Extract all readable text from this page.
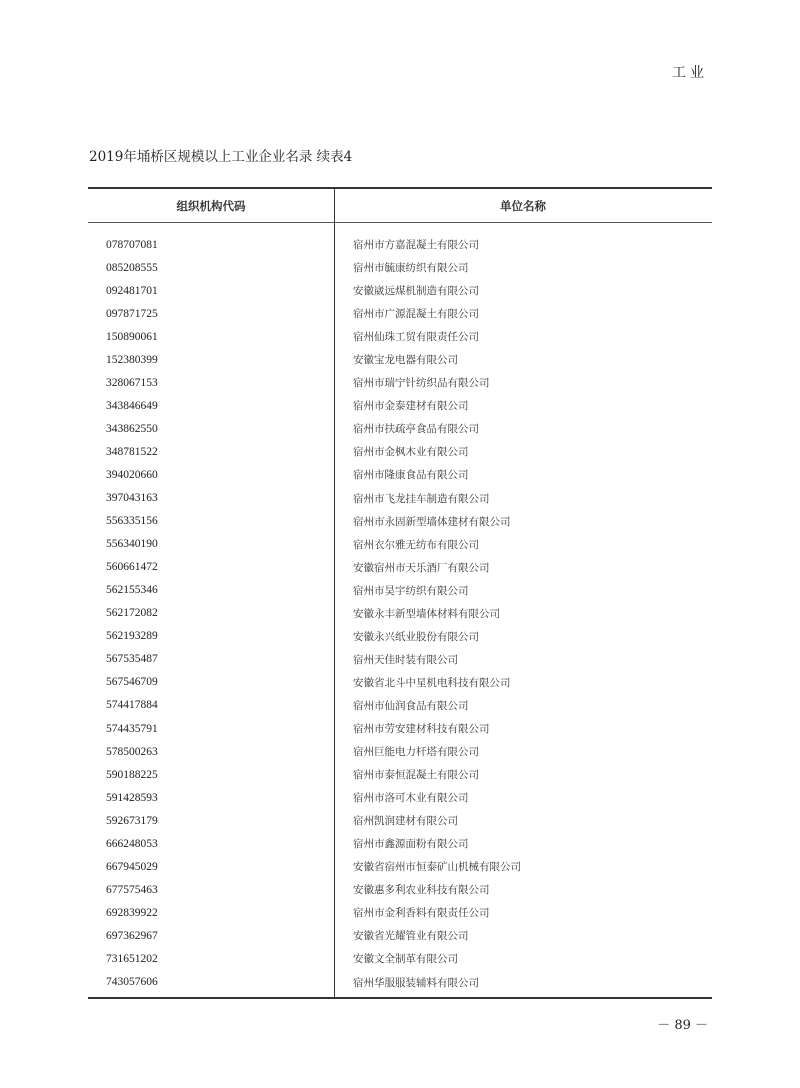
工业
2019年埇桥区规模以上工业企业名录 续表4
组织机构代码	单位名称
078707081	宿州市方嘉混凝土有限公司
085208555	宿州市毓康纺织有限公司
092481701	安徽崴远煤机制造有限公司
097871725	宿州市广源混凝土有限公司
150890061	宿州仙珠工贸有限责任公司
152380399	安徽宝龙电器有限公司
328067153	宿州市瑞宁针纺织品有限公司
343846649	宿州市金泰建材有限公司
343862550	宿州市扶疏亭食品有限公司
348781522	宿州市金枫木业有限公司
394020660	宿州市隆康食品有限公司
397043163	宿州市飞龙挂车制造有限公司
556335156	宿州市永固新型墙体建材有限公司
556340190	宿州衣尔雅无纺布有限公司
560661472	安徽宿州市天乐酒厂有限公司
562155346	宿州市昊宇纺织有限公司
562172082	安徽永丰新型墙体材料有限公司
562193289	安徽永兴纸业股份有限公司
567535487	宿州天佳时装有限公司
567546709	安徽省北斗中星机电科技有限公司
574417884	宿州市仙润食品有限公司
574435791	宿州市劳安建材科技有限公司
578500263	宿州巨能电力杆塔有限公司
590188225	宿州市泰恒混凝土有限公司
591428593	宿州市洛可木业有限公司
592673179	宿州凯润建材有限公司
666248053	宿州市鑫源面粉有限公司
667945029	安徽省宿州市恒泰矿山机械有限公司
677575463	安徽惠多利农业科技有限公司
692839922	宿州市金利香料有限责任公司
697362967	安徽省光耀管业有限公司
731651202	安徽文全制革有限公司
743057606	宿州华服服装辅料有限公司
－ 89 －
